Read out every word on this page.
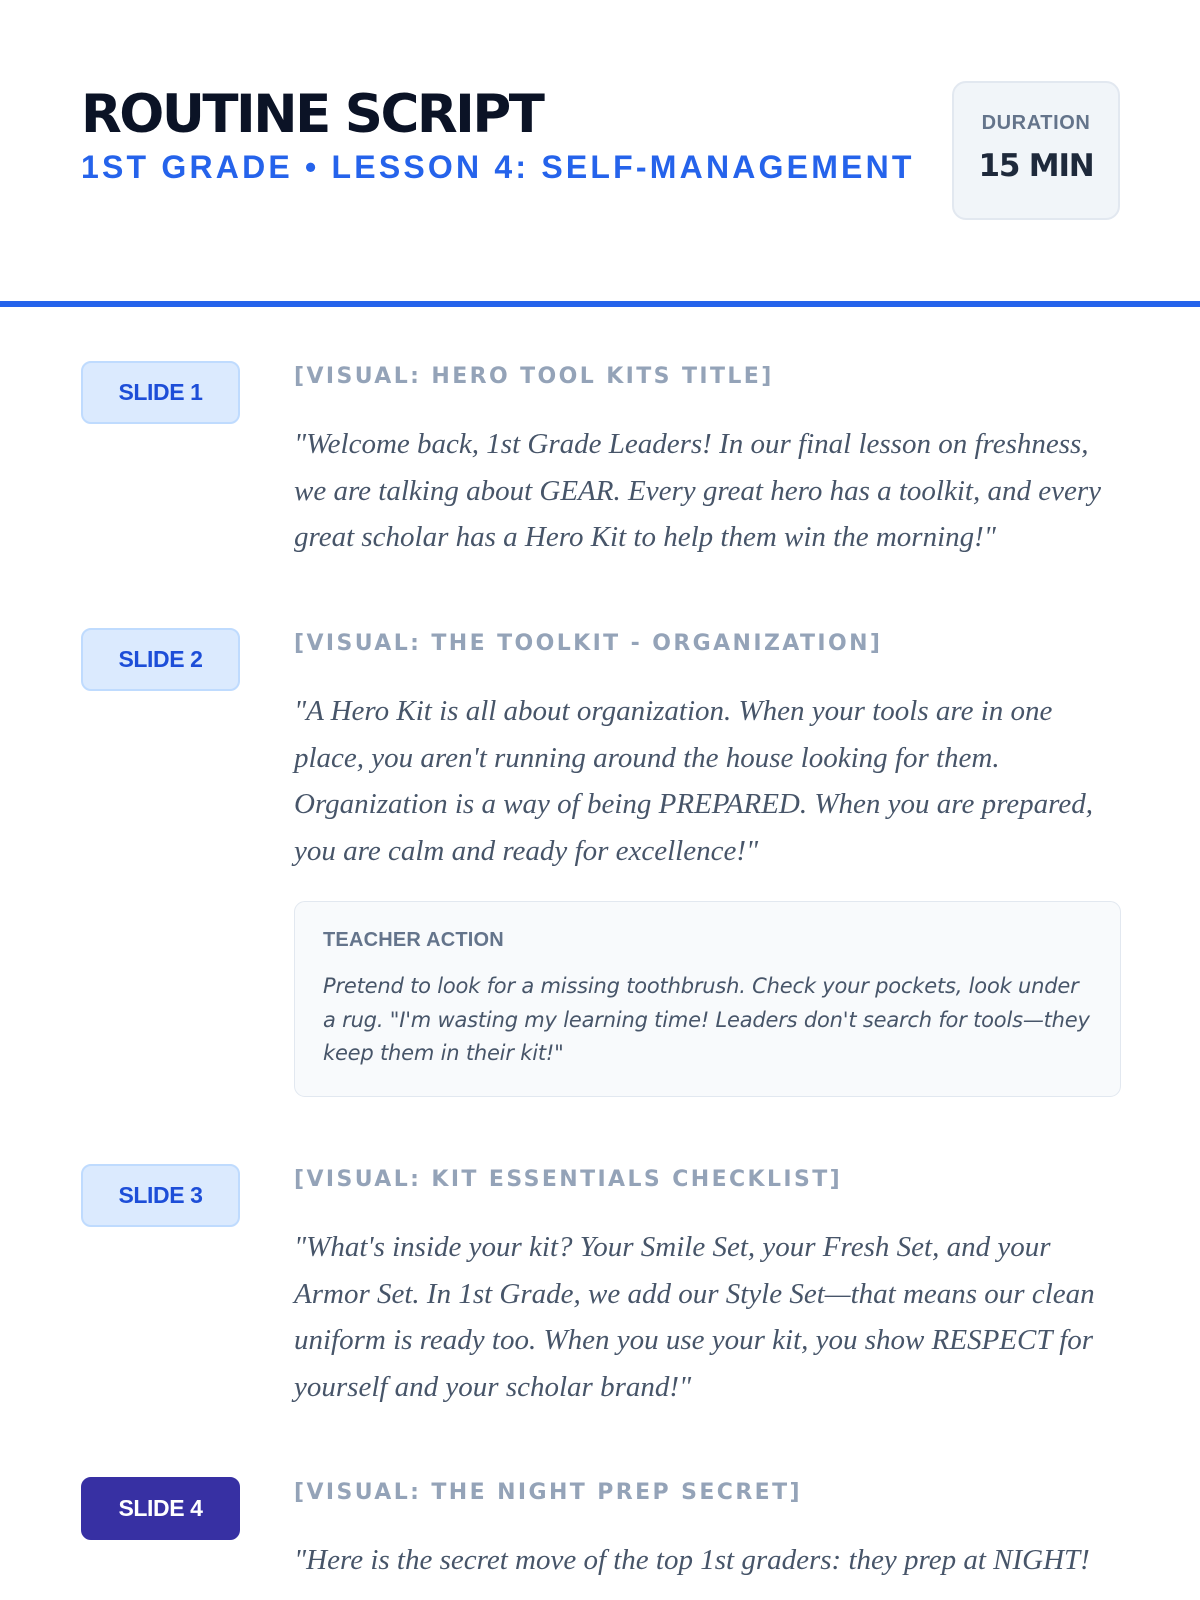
ROUTINE SCRIPT
1ST GRADE • LESSON 4: SELF-MANAGEMENT
DURATION
15 MIN
SLIDE 1
[VISUAL: HERO TOOL KITS TITLE]

"Welcome back, 1st Grade Leaders! In our final lesson on freshness, we are talking about GEAR. Every great hero has a toolkit, and every great scholar has a Hero Kit to help them win the morning!"

SLIDE 2
[VISUAL: THE TOOLKIT - ORGANIZATION]

"A Hero Kit is all about organization. When your tools are in one place, you aren't running around the house looking for them. Organization is a way of being PREPARED. When you are prepared, you are calm and ready for excellence!"

TEACHER ACTION
Pretend to look for a missing toothbrush. Check your pockets, look under a rug. "I'm wasting my learning time! Leaders don't search for tools—they keep them in their kit!"
SLIDE 3
[VISUAL: KIT ESSENTIALS CHECKLIST]

"What's inside your kit? Your Smile Set, your Fresh Set, and your Armor Set. In 1st Grade, we add our Style Set—that means our clean uniform is ready too. When you use your kit, you show RESPECT for yourself and your scholar brand!"

SLIDE 4
[VISUAL: THE NIGHT PREP SECRET]

"Here is the secret move of the top 1st graders: they prep at NIGHT!
